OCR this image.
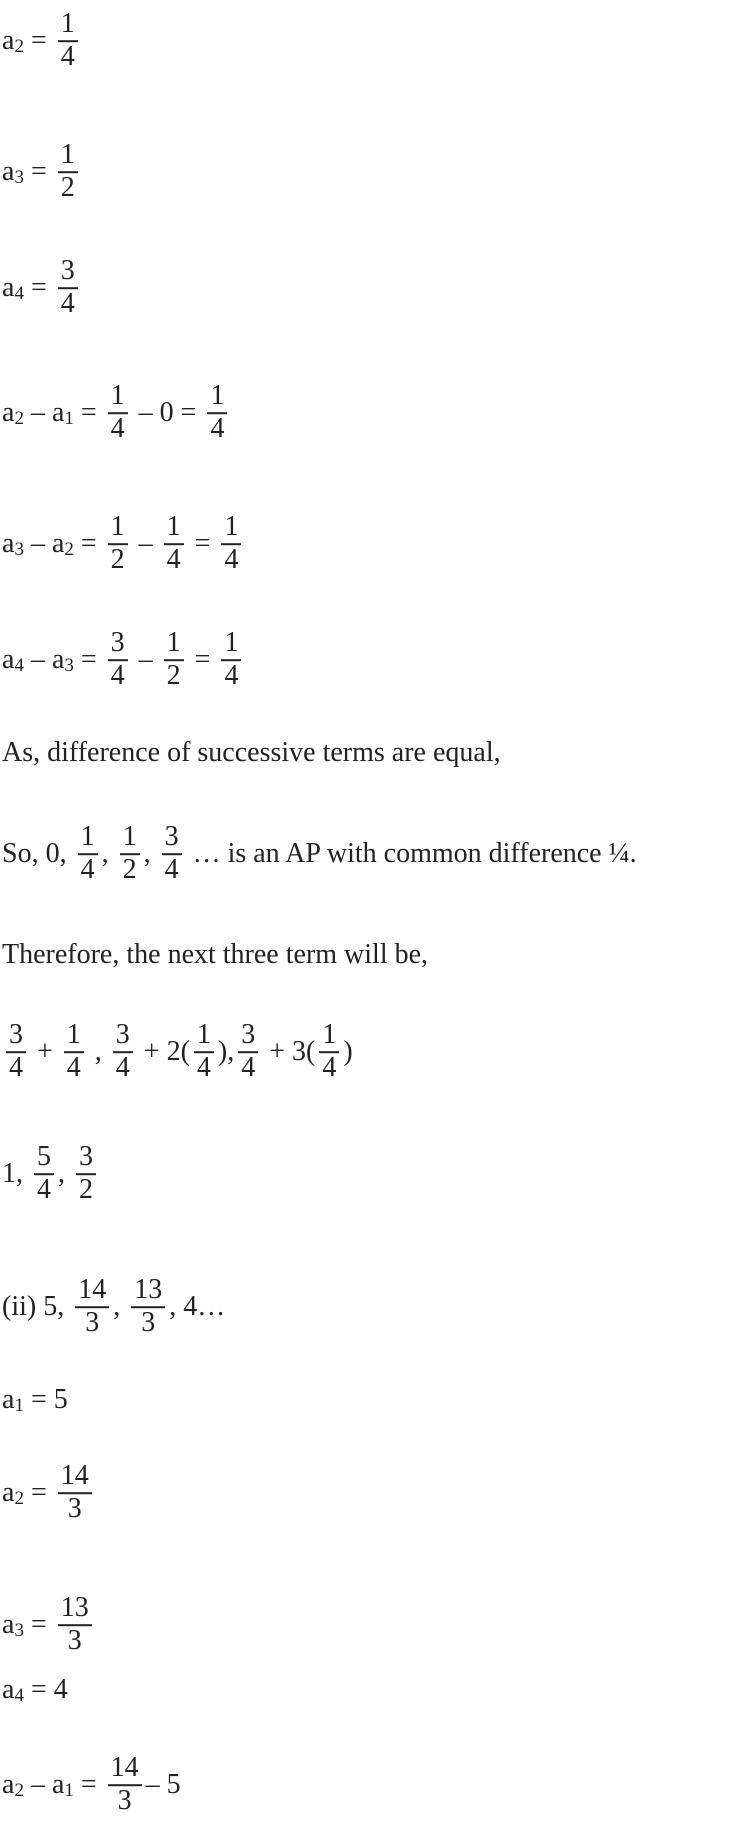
a $2 = \frac{1}{4}$
a $3 = \frac{1}{2}$
a $4 = \frac{3}{4}$
a 2 – a $1 = \frac{1}{4} - 0 = \frac{1}{4}$
a 3 – a $2 = \frac{1}{2} - \frac{1}{4} = \frac{1}{4}$
a 4 – a $3 = \frac{3}{4} - \frac{1}{2} = \frac{1}{4}$
As, difference of successive terms are equal,
So, 0, $\frac{1}{4}$ , $\frac{1}{2}$ , $\frac{3}{4}$ … is an AP with common difference ¼.
Therefore, the next three term will be,
$\frac{3}{4} + \frac{1}{4}$ , $\frac{3}{4} + 2( \frac{1}{4}$ ), $\frac{3}{4} + 3( \frac{1}{4}$ )
1, $\frac{5}{4}$ , $\frac{3}{2}$
(ii) 5, $\frac{14}{3}$ , $\frac{13}{3}$ , 4…
a 1 = 5
a $2 = \frac{14}{3}$
a $3 = \frac{13}{3}$
a 4 = 4
a 2 – a $1 = \frac{14}{3} - 5$
